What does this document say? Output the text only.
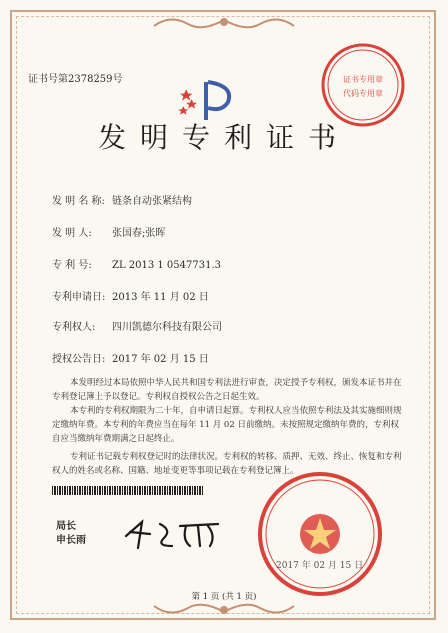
证书号第2378259号	证书专用章
代码专用章
发明专利证书
发 明 名 称: 链条自动张紧结构
发 明 人: 张国春;张晖
专 利 号: ZL 2013 1 0547731.3
专利申请日: 2013 年 11 月 02 日
专利权人: 四川凯德尔科技有限公司
授权公告日: 2017 年 02 月 15 日
本发明经过本局依照中华人民共和国专利法进行审查，决定授予专利权，颁发本证书并在专利登记簿上予以登记。专利权自授权公告之日起生效。
本专利的专利权期限为二十年，自申请日起算。专利权人应当依照专利法及其实施细则规定缴纳年费。本专利的年费应当在每年 11 月 02 日前缴纳。未按照规定缴纳年费的，专利权自应当缴纳年费期满之日起终止。
专利证书记载专利权登记时的法律状况。专利权的转移、质押、无效、终止、恢复和专利权人的姓名或名称、国籍、地址变更等事项记载在专利登记簿上。
局长
申长雨
2017 年 02 月 15 日
第 1 页 (共 1 页)
